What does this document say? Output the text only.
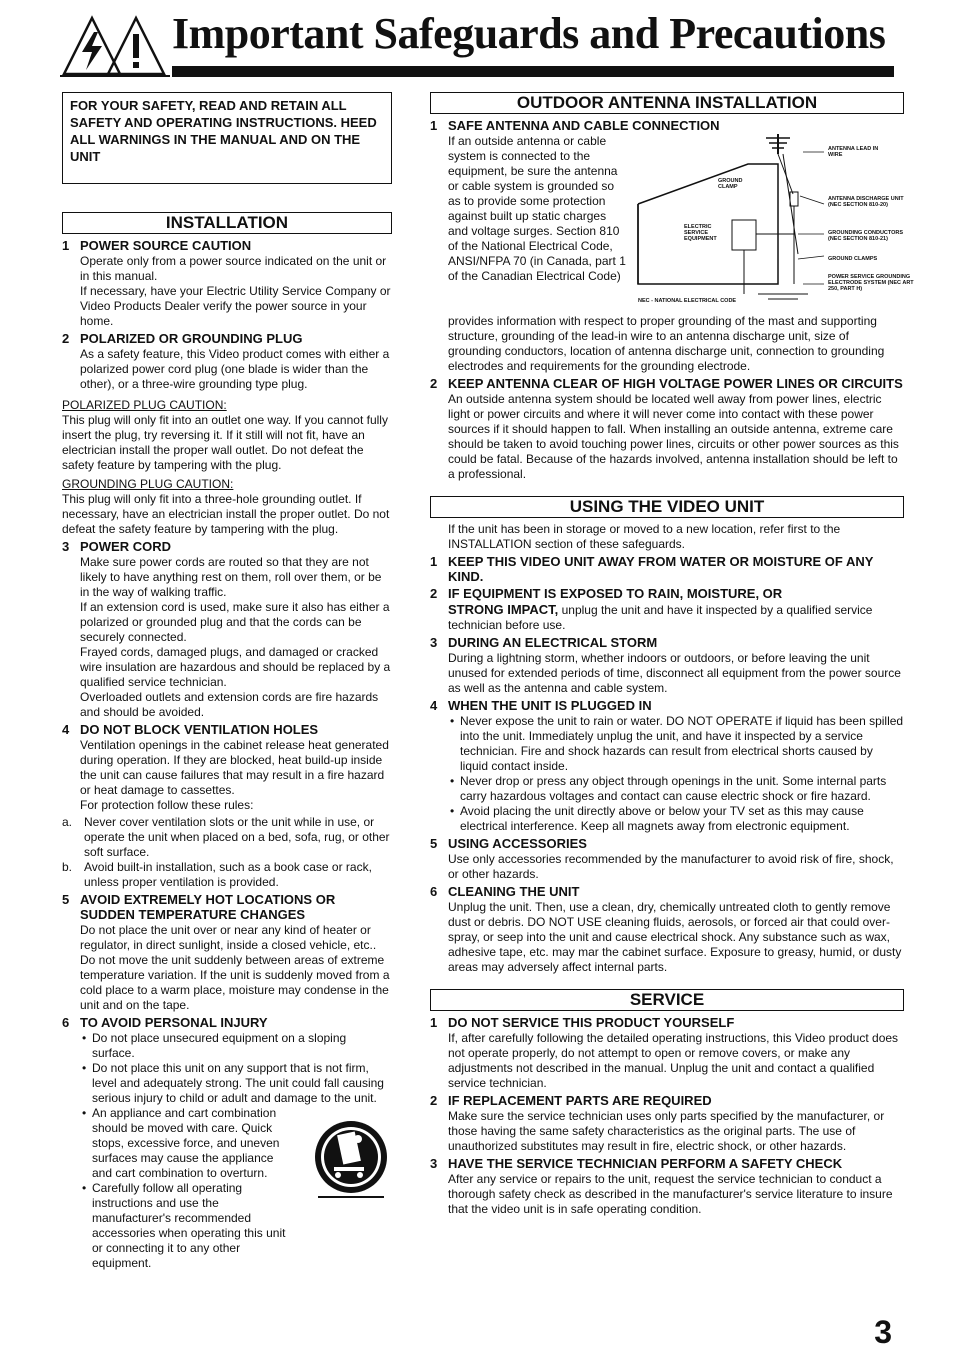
Important Safeguards and Precautions
FOR YOUR SAFETY, READ AND RETAIN ALL SAFETY AND OPERATING INSTRUCTIONS. HEED ALL WARNINGS IN THE MANUAL AND ON THE UNIT
INSTALLATION
1 POWER SOURCE CAUTION

Operate only from a power source indicated on the unit or in this manual.

If necessary, have your Electric Utility Service Company or Video Products Dealer verify the power source in your home.

2 POLARIZED OR GROUNDING PLUG

As a safety feature, this Video product comes with either a polarized power cord plug (one blade is wider than the other), or a three-wire grounding type plug.

POLARIZED PLUG CAUTION:

This plug will only fit into an outlet one way. If you cannot fully insert the plug, try reversing it. If it still will not fit, have an electrician install the proper wall outlet. Do not defeat the safety feature by tampering with the plug.

GROUNDING PLUG CAUTION:

This plug will only fit into a three-hole grounding outlet. If necessary, have an electrician install the proper outlet. Do not defeat the safety feature by tampering with the plug.

3 POWER CORD

Make sure power cords are routed so that they are not likely to have anything rest on them, roll over them, or be in the way of walking traffic.

If an extension cord is used, make sure it also has either a polarized or grounded plug and that the cords can be securely connected.

Frayed cords, damaged plugs, and damaged or cracked wire insulation are hazardous and should be replaced by a qualified service technician.

Overloaded outlets and extension cords are fire hazards and should be avoided.

4 DO NOT BLOCK VENTILATION HOLES

Ventilation openings in the cabinet release heat generated during operation. If they are blocked, heat build-up inside the unit can cause failures that may result in a fire hazard or heat damage to cassettes.

For protection follow these rules:

a. Never cover ventilation slots or the unit while in use, or operate the unit when placed on a bed, sofa, rug, or other soft surface.
b. Avoid built-in installation, such as a book case or rack, unless proper ventilation is provided.
5 AVOID EXTREMELY HOT LOCATIONS OR SUDDEN TEMPERATURE CHANGES

Do not place the unit over or near any kind of heater or regulator, in direct sunlight, inside a closed vehicle, etc.. Do not move the unit suddenly between areas of extreme temperature variation. If the unit is suddenly moved from a cold place to a warm place, moisture may condense in the unit and on the tape.

6 TO AVOID PERSONAL INJURY
• Do not place unsecured equipment on a sloping surface.
• Do not place this unit on any support that is not firm, level and adequately strong. The unit could fall causing serious injury to child or adult and damage to the unit.
• An appliance and cart combination should be moved with care. Quick stops, excessive force, and uneven surfaces may cause the appliance and cart combination to overturn.
• Carefully follow all operating instructions and use the manufacturer's recommended accessories when operating this unit or connecting it to any other equipment.
OUTDOOR ANTENNA INSTALLATION
1 SAFE ANTENNA AND CABLE CONNECTION
If an outside antenna or cable system is connected to the equipment, be sure the antenna or cable system is grounded so as to provide some protection against built up static charges and voltage surges. Section 810 of the National Electrical Code, ANSI/NFPA 70 (in Canada, part 1 of the Canadian Electrical Code)
ANTENNA LEAD IN WIRE
GROUND CLAMP
ANTENNA DISCHARGE UNIT (NEC SECTION 810-20)
ELECTRIC SERVICE EQUIPMENT
GROUNDING CONDUCTORS (NEC SECTION 810-21)
GROUND CLAMPS
POWER SERVICE GROUNDING ELECTRODE SYSTEM (NEC ART 250, PART H)
NEC - NATIONAL ELECTRICAL CODE

provides information with respect to proper grounding of the mast and supporting structure, grounding of the lead-in wire to an antenna discharge unit, size of grounding conductors, location of antenna discharge unit, connection to grounding electrodes and requirements for the grounding electrode.

2 KEEP ANTENNA CLEAR OF HIGH VOLTAGE POWER LINES OR CIRCUITS

An outside antenna system should be located well away from power lines, electric light or power circuits and where it will never come into contact with these power sources if it should happen to fall. When installing an outside antenna, extreme care should be taken to avoid touching power lines, circuits or other power sources as this could be fatal. Because of the hazards involved, antenna installation should be left to a professional.

USING THE VIDEO UNIT

If the unit has been in storage or moved to a new location, refer first to the INSTALLATION section of these safeguards.

1 KEEP THIS VIDEO UNIT AWAY FROM WATER OR MOISTURE OF ANY KIND.
2 IF EQUIPMENT IS EXPOSED TO RAIN, MOISTURE, OR

STRONG IMPACT, unplug the unit and have it inspected by a qualified service technician before use.

3 DURING AN ELECTRICAL STORM

During a lightning storm, whether indoors or outdoors, or before leaving the unit unused for extended periods of time, disconnect all equipment from the power source as well as the antenna and cable system.

4 WHEN THE UNIT IS PLUGGED IN
• Never expose the unit to rain or water. DO NOT OPERATE if liquid has been spilled into the unit. Immediately unplug the unit, and have it inspected by a service technician. Fire and shock hazards can result from electrical shorts caused by liquid contact inside.
• Never drop or press any object through openings in the unit. Some internal parts carry hazardous voltages and contact can cause electric shock or fire hazard.
• Avoid placing the unit directly above or below your TV set as this may cause electrical interference. Keep all magnets away from electronic equipment.
5 USING ACCESSORIES

Use only accessories recommended by the manufacturer to avoid risk of fire, shock, or other hazards.

6 CLEANING THE UNIT

Unplug the unit. Then, use a clean, dry, chemically untreated cloth to gently remove dust or debris. DO NOT USE cleaning fluids, aerosols, or forced air that could over-spray, or seep into the unit and cause electrical shock. Any substance such as wax, adhesive tape, etc. may mar the cabinet surface. Exposure to greasy, humid, or dusty areas may adversely affect internal parts.

SERVICE
1 DO NOT SERVICE THIS PRODUCT YOURSELF

If, after carefully following the detailed operating instructions, this Video product does not operate properly, do not attempt to open or remove covers, or make any adjustments not described in the manual. Unplug the unit and contact a qualified service technician.

2 IF REPLACEMENT PARTS ARE REQUIRED

Make sure the service technician uses only parts specified by the manufacturer, or those having the same safety characteristics as the original parts. The use of unauthorized substitutes may result in fire, electric shock, or other hazards.

3 HAVE THE SERVICE TECHNICIAN PERFORM A SAFETY CHECK

After any service or repairs to the unit, request the service technician to conduct a thorough safety check as described in the manufacturer's service literature to insure that the video unit is in safe operating condition.

3
